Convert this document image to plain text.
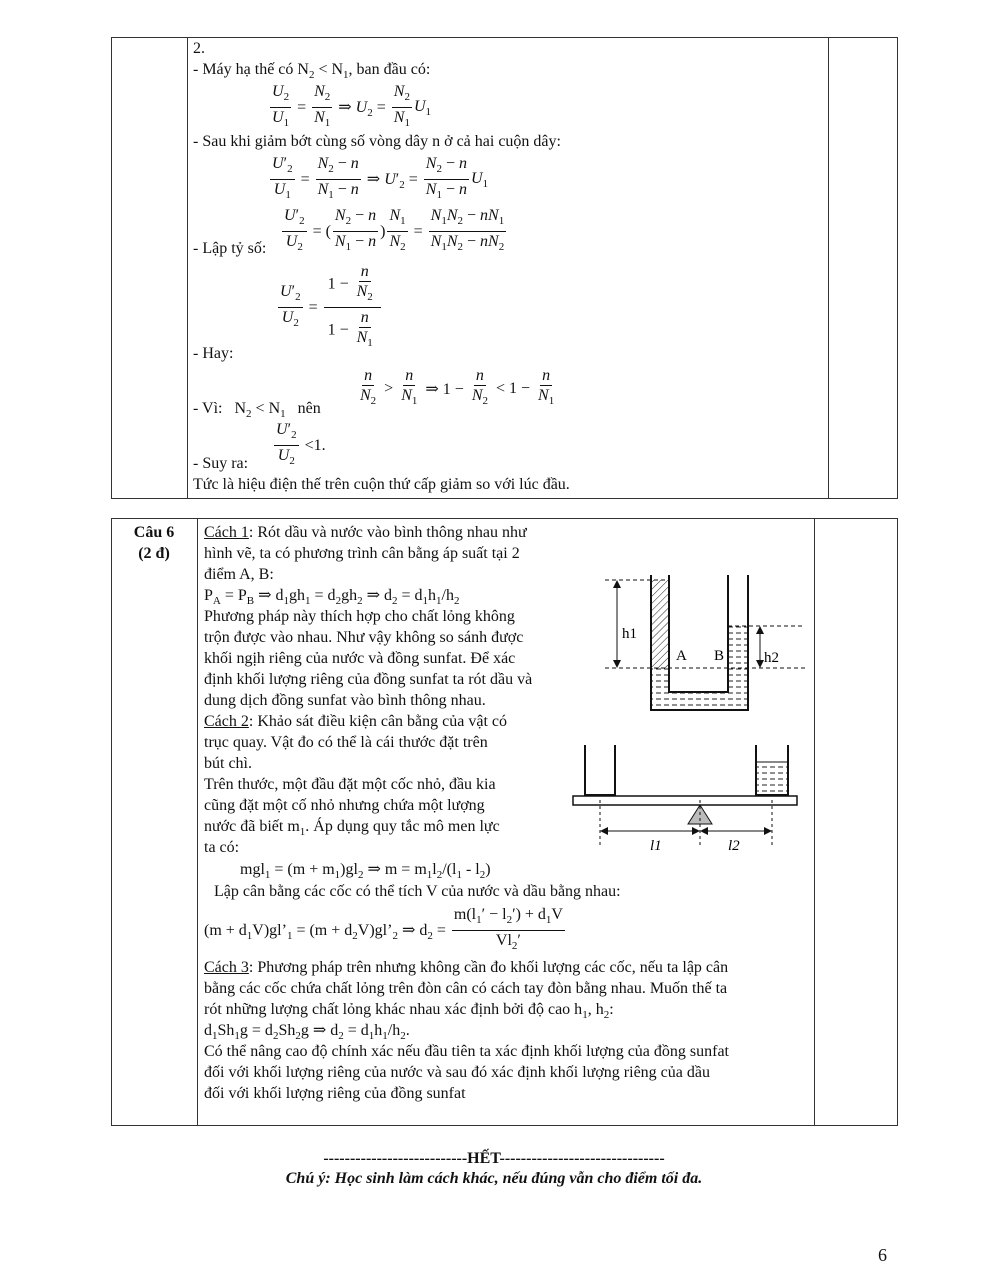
2.
- Máy hạ thế có $N_2 < N_1$, ban đầu có:
$\frac{U_2}{U_1} = \frac{N_2}{N_1}$ ⇒ $U_2 = \frac{N_2}{N_1} U_1$
- Sau khi giảm bớt cùng số vòng dây n ở cả hai cuộn dây:
$\frac{U'_2}{U_1} = \frac{N_2 - n}{N_1 - n}$ ⇒ $U'_2 = \frac{N_2 - n}{N_1 - n} U_1$
$\frac{U'_2}{U_2}$ = ( $\frac{N_2 - n}{N_1 - n}$ ) $\frac{N_1}{N_2} = \frac{N_1N_2 - nN_1}{N_1N_2 - nN_2}$
- Lập tỷ số:
$\frac{U'_2}{U_2} = \frac{1 - \frac{n}{N_2}}{1 - \frac{n}{N_1}}$
- Hay:
$\frac{n}{N_2} > \frac{n}{N_1}$ ⇒ $1 - \frac{n}{N_2} < 1 - \frac{n}{N_1}$
- Vì:   $N_2 < N_1$   nên
$\frac{U'_2}{U_2} <1$.
- Suy ra:
Tức là hiệu điện thế trên cuộn thứ cấp giảm so với lúc đầu.
Câu 6
(2 đ)
Cách 1: Rót dầu và nước vào bình thông nhau như
hình vẽ, ta có phương trình cân bằng áp suất tại 2
điểm A, B:
$P_A = P_B$ ⇒ $d_1gh_1 = d_2gh_2$ ⇒ $d_2 = d_1h_1/h_2$
Phương pháp này thích hợp cho chất lỏng không
trộn được vào nhau. Như vậy không so sánh được
khối ngịh riêng của nước và đồng sunfat. Để xác
định khối lượng riêng của đồng sunfat ta rót dầu và
dung dịch đồng sunfat vào bình thông nhau.
Cách 2: Khảo sát điều kiện cân bằng của vật có
trục quay. Vật đo có thể là cái thước đặt trên
bút chì.
Trên thước, một đầu đặt một cốc nhỏ, đầu kia
cũng đặt một cố nhỏ nhưng chứa một lượng
nước đã biết $m_1$. Áp dụng quy tắc mô men lực
ta có:
$mgl_1 = (m + m_1)gl_2$ ⇒ $m = m_1l_2/(l_1 - l_2)$
Lập cân bằng các cốc có thể tích V của nước và dầu bằng nhau:
$(m + d_1V)gl’_1 = (m$ + $d_2V)gl’_2$ ⇒ $d_2 = \frac{m(l_1' - l_2') + d_1V}{Vl_2'}$
Cách 3: Phương pháp trên nhưng không cần đo khối lượng các cốc, nếu ta lập cân
bằng các cốc chứa chất lỏng trên đòn cân có cách tay đòn bằng nhau. Muốn thế ta
rót những lượng chất lỏng khác nhau xác định bởi độ cao $h_1$, $h_2$:
$d_1Sh_1g = d_2Sh_2g$ ⇒ $d_2 = d_1h_1/h_2$.
Có thể nâng cao độ chính xác nếu đầu tiên ta xác định khối lượng của đồng sunfat
đối với khối lượng riêng của nước và sau đó xác định khối lượng riêng của dầu
đối với khối lượng riêng của đồng sunfat
h1
A B	h2
l1	l2
---------------------------HẾT-------------------------------
Chú ý: Học sinh làm cách khác, nếu đúng vẫn cho điểm tối đa.
6
